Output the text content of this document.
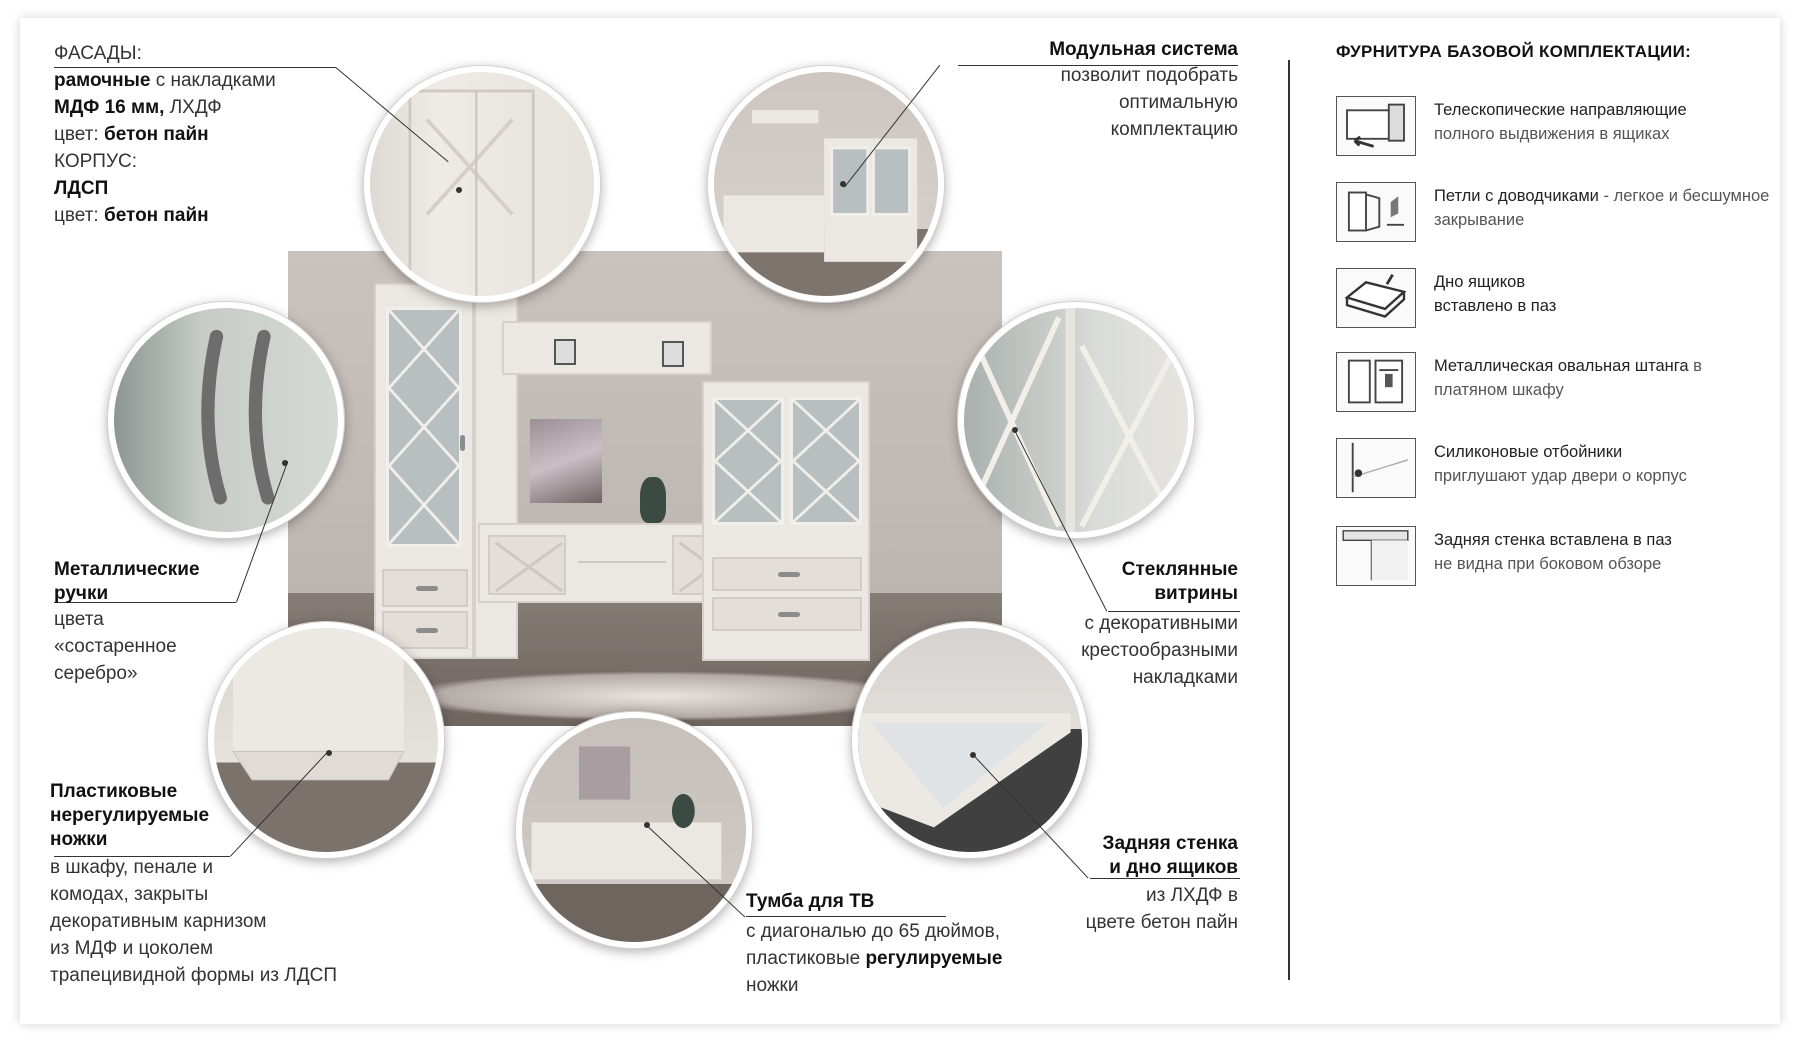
ФАСАДЫ:
рамочные с накладками
МДФ 16 мм, ЛХДФ
цвет: бетон пайн
КОРПУС:
ЛДСП
цвет: бетон пайн
Металлические
ручки
цвета
«состаренное
серебро»
Пластиковые
нерегулируемые
ножки
в шкафу, пенале и
комодах, закрыты
декоративным карнизом
из МДФ и цоколем
трапецивидной формы из ЛДСП
Модульная система
позволит подобрать
оптимальную
комплектацию
Стеклянные
витрины
с декоративными
крестообразными
накладками
Задняя стенка
и дно ящиков
из ЛХДФ в
цвете бетон пайн
Тумба для ТВ
с диагональю до 65 дюймов,
пластиковые регулируемые
ножки
ФУРНИТУРА БАЗОВОЙ КОМПЛЕКТАЦИИ:
Телескопические направляющие
полного выдвижения в ящиках
Петли с доводчиками - легкое и бесшумное закрывание
Дно ящиков
вставлено в паз
Металлическая овальная штанга в платяном шкафу
Силиконовые отбойники
приглушают удар двери о корпус
Задняя стенка вставлена в паз
не видна при боковом обзоре
